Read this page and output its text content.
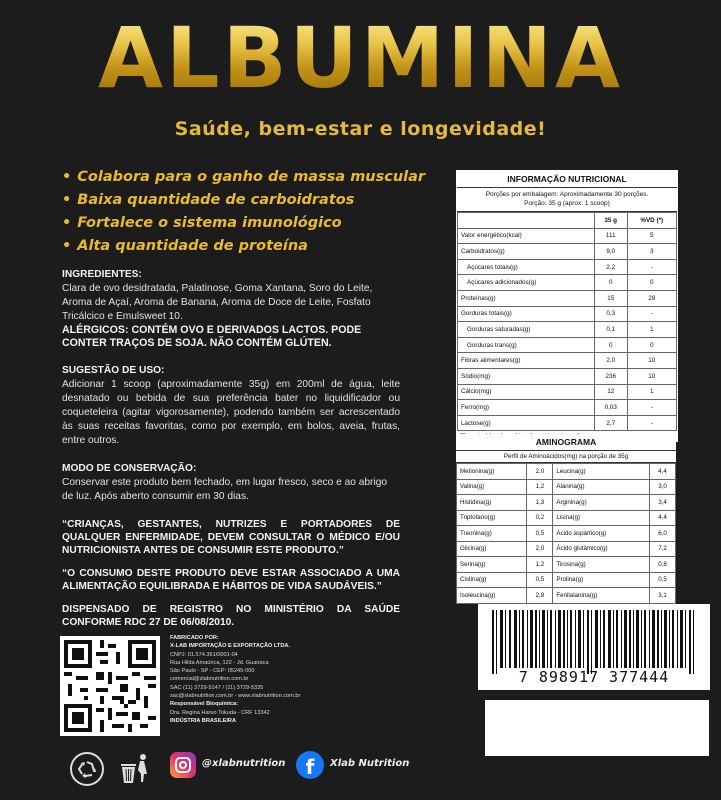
ALBUMINA
Saúde, bem-estar e longevidade!
• Colabora para o ganho de massa muscular
• Baixa quantidade de carboidratos
• Fortalece o sistema imunológico
• Alta quantidade de proteína
INGREDIENTES:
Clara de ovo desidratada, Palatinose, Goma Xantana, Soro do Leite, Aroma de Açaí, Aroma de Banana, Aroma de Doce de Leite, Fosfato Tricálcico e Emulsweet 10.
ALÉRGICOS: CONTÉM OVO E DERIVADOS LACTOS. PODE CONTER TRAÇOS DE SOJA. NÃO CONTÉM GLÚTEN.
SUGESTÃO DE USO:
Adicionar 1 scoop (aproximadamente 35g) em 200ml de água, leite desnatado ou bebida de sua preferência bater no liquidificador ou coqueteleira (agitar vigorosamente), podendo também ser acrescentado às suas receitas favoritas, como por exemplo, em bolos, aveia, frutas, entre outros.
MODO DE CONSERVAÇÃO:
Conservar este produto bem fechado, em lugar fresco, seco e ao abrigo de luz. Após aberto consumir em 30 dias.
“CRIANÇAS, GESTANTES, NUTRIZES E PORTADORES DE QUALQUER ENFERMIDADE, DEVEM CONSULTAR O MÉDICO E/OU NUTRICIONISTA ANTES DE CONSUMIR ESTE PRODUTO.”
“O CONSUMO DESTE PRODUTO DEVE ESTAR ASSOCIADO A UMA ALIMENTAÇÃO EQUILIBRADA E HÁBITOS DE VIDA SAUDÁVEIS.”
DISPENSADO DE REGISTRO NO MINISTÉRIO DA SAÚDE CONFORME RDC 27 DE 06/08/2010.
INFORMAÇÃO NUTRICIONAL
Porções por embalagem: Aproximadamente 30 porções.
Porção: 35 g (aprox. 1 scoop)
	35 g	%VD (*)
Valor energético(kcal)	111	5
Carboidratos(g)	9,0	3
Açúcares totais(g)	2,2	-
Açúcares adicionados(g)	0	0
Proteínas(g)	15	28
Gorduras totais(g)	0,3	-
Gorduras saturadas(g)	0,1	1
Gorduras trans(g)	0	0
Fibras alimentares(g)	2,0	10
Sódio(mg)	236	10
Cálcio(mg)	12	1
Ferro(mg)	0,03	-
Lactose(g)	2,7	-
AMINOGRAMA
Perfil de Aminoácidos(mg) na porção de 35g
Metionina(g)	2,0	Leucina(g)	4,4
Valina(g)	1,2	Alanina(g)	3,0
Histidina(g)	1,3	Arginina(g)	3,4
Triptofano(g)	0,2	Lisina(g)	4,4
Treonina(g)	0,5	Ácido aspártico(g)	6,0
Glicina(g)	2,0	Ácido glutâmico(g)	7,2
Serina(g)	1,2	Tirosina(g)	0,8
Cistina(g)	0,5	Prolina(g)	0,5
Isoleucina(g)	2,8	Fenilalanina(g)	3,1
7 898917 377444
FABRICADO POR:
X-LAB IMPORTAÇÃO E EXPORTAÇÃO LTDA.
CNPJ: 01.574.361/0001-04
Rua Hilda Amaúrica, 122 - Jd. Guairaca
São Paulo - SP - CEP: 05245-000
comercial@xlabnutrition.com.br
SAC (11) 3729-5147 / (11) 3729-5335
sac@xlabnutrition.com.br - www.xlabnutrition.com.br
Responsável Bioquímica:
Dra. Regina Haruo Tokuda - CRF 13342
INDÚSTRIA BRASILEIRA
@xlabnutrition	f	Xlab Nutrition
